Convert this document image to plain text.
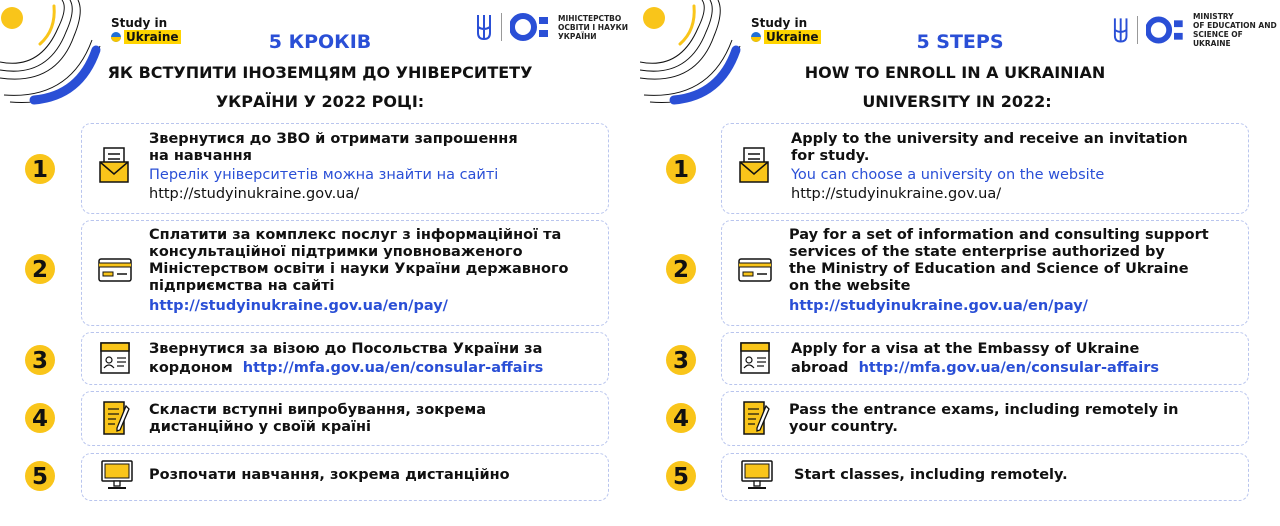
Study in
Ukraine
МІНІСТЕРСТВО
ОСВІТИ І НАУКИ
УКРАЇНИ
5 КРОКІВ
ЯК ВСТУПИТИ ІНОЗЕМЦЯМ ДО УНІВЕРСИТЕТУ
УКРАЇНИ У 2022 РОЦІ:
1
Звернутися до ЗВО й отримати запрошення
на навчання
Перелік університетів можна знайти на сайті
http://studyinukraine.gov.ua/
2
Сплатити за комплекс послуг з інформаційної та
консультаційної підтримки уповноваженого
Міністерством освіти і науки України державного
підприємства на сайті
http://studyinukraine.gov.ua/en/pay/
3	Звернутися за візою до Посольства України за
кордоном http://mfa.gov.ua/en/consular-affairs
4	Скласти вступні випробування, зокрема
дистанційно у своїй країні
5	Розпочати навчання, зокрема дистанційно
Study in
Ukraine
MINISTRY
OF EDUCATION AND
SCIENCE OF UKRAINE
5 STEPS
HOW TO ENROLL IN A UKRAINIAN
UNIVERSITY IN 2022:
1
Apply to the university and receive an invitation
for study.
You can choose a university on the website
http://studyinukraine.gov.ua/
2
Pay for a set of information and consulting support
services of the state enterprise authorized by
the Ministry of Education and Science of Ukraine
on the website
http://studyinukraine.gov.ua/en/pay/
3	Apply for a visa at the Embassy of Ukraine
abroad http://mfa.gov.ua/en/consular-affairs
4	Pass the entrance exams, including remotely in
your country.
5	Start classes, including remotely.
